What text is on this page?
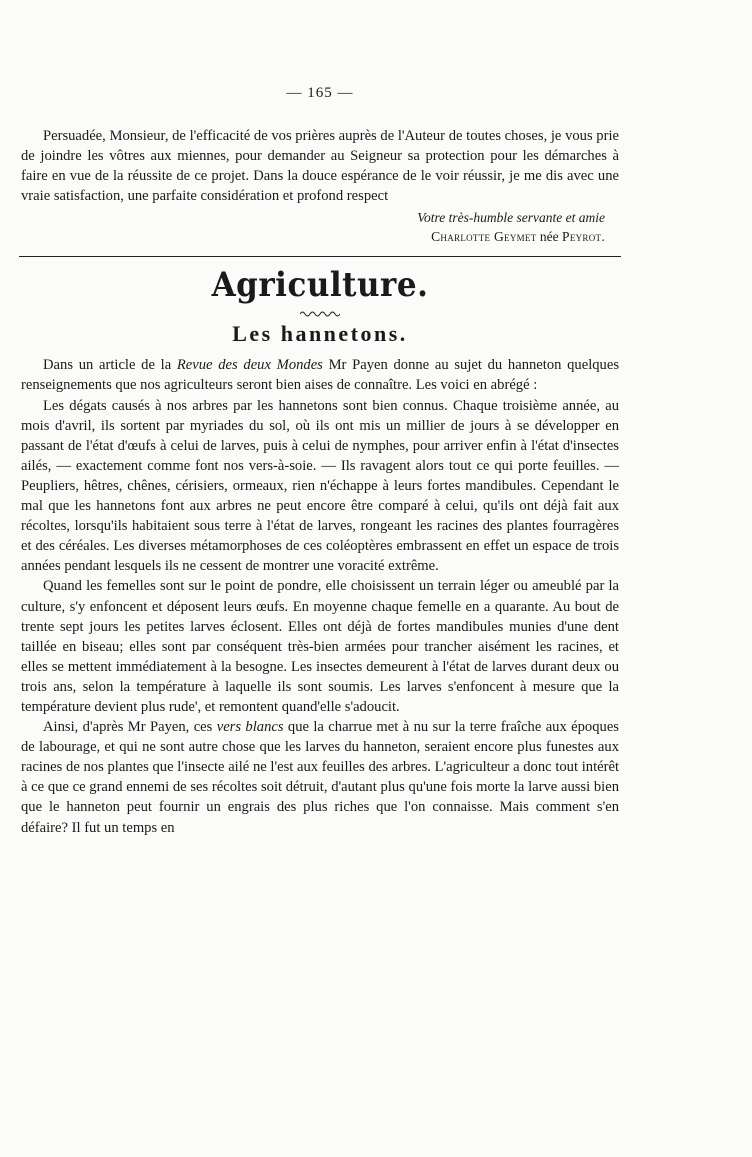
— 165 —

Persuadée, Monsieur, de l'efficacité de vos prières auprès de l'Auteur de toutes choses, je vous prie de joindre les vôtres aux miennes, pour demander au Seigneur sa protection pour les démarches à faire en vue de la réussite de ce projet. Dans la douce espérance de le voir réussir, je me dis avec une vraie satisfaction, une parfaite considération et profond respect

Votre très-humble servante et amie
Charlotte Geymet née Peyrot.
Agriculture.
Les hannetons.

Dans un article de la Revue des deux Mondes Mr Payen donne au sujet du hanneton quelques renseignements que nos agriculteurs seront bien aises de connaître. Les voici en abrégé :

Les dégats causés à nos arbres par les hannetons sont bien connus. Chaque troisième année, au mois d'avril, ils sortent par myriades du sol, où ils ont mis un millier de jours à se développer en passant de l'état d'œufs à celui de larves, puis à celui de nymphes, pour arriver enfin à l'état d'insectes ailés, — exactement comme font nos vers-à-soie. — Ils ravagent alors tout ce qui porte feuilles. — Peupliers, hêtres, chênes, cérisiers, ormeaux, rien n'échappe à leurs fortes mandibules. Cependant le mal que les hannetons font aux arbres ne peut encore être comparé à celui, qu'ils ont déjà fait aux récoltes, lorsqu'ils habitaient sous terre à l'état de larves, rongeant les racines des plantes fourragères et des céréales. Les diverses métamorphoses de ces coléoptères embrassent en effet un espace de trois années pendant lesquels ils ne cessent de montrer une voracité extrême.

Quand les femelles sont sur le point de pondre, elle choisissent un terrain léger ou ameublé par la culture, s'y enfoncent et déposent leurs œufs. En moyenne chaque femelle en a quarante. Au bout de trente sept jours les petites larves éclosent. Elles ont déjà de fortes mandibules munies d'une dent taillée en biseau; elles sont par conséquent très-bien armées pour trancher aisément les racines, et elles se mettent immédiatement à la besogne. Les insectes demeurent à l'état de larves durant deux ou trois ans, selon la température à laquelle ils sont soumis. Les larves s'enfoncent à mesure que la température devient plus rude', et remontent quand'elle s'adoucit.

Ainsi, d'après Mr Payen, ces vers blancs que la charrue met à nu sur la terre fraîche aux époques de labourage, et qui ne sont autre chose que les larves du hanneton, seraient encore plus funestes aux racines de nos plantes que l'insecte ailé ne l'est aux feuilles des arbres. L'agriculteur a donc tout intérêt à ce que ce grand ennemi de ses récoltes soit détruit, d'autant plus qu'une fois morte la larve aussi bien que le hanneton peut fournir un engrais des plus riches que l'on connaisse. Mais comment s'en défaire? Il fut un temps en
